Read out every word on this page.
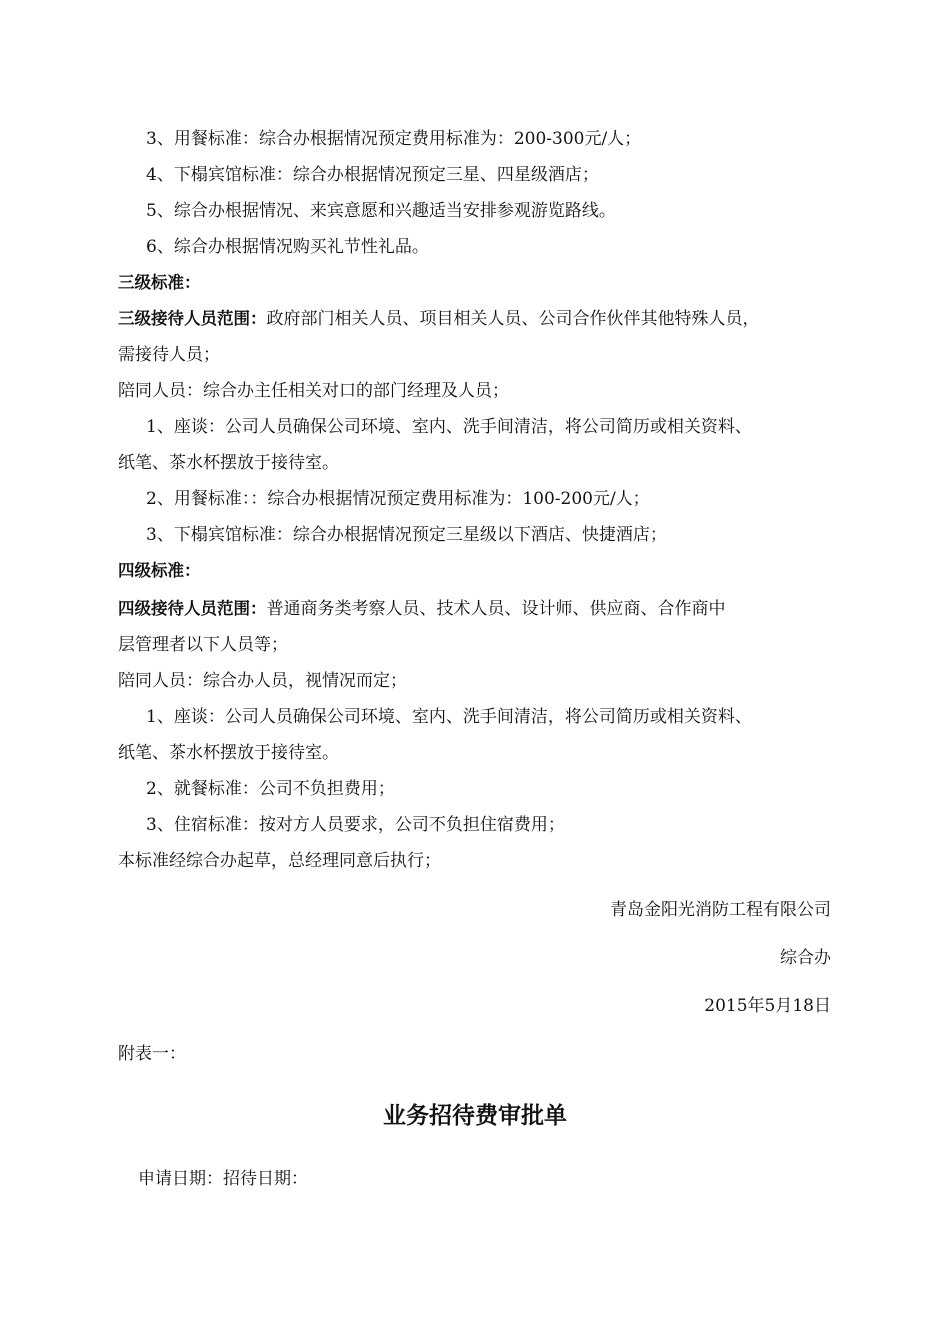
3、用餐标准：综合办根据情况预定费用标准为：200-300元/人；
4、下榻宾馆标准：综合办根据情况预定三星、四星级酒店；
5、综合办根据情况、来宾意愿和兴趣适当安排参观游览路线。
6、综合办根据情况购买礼节性礼品。
三级标准：
三级接待人员范围：政府部门相关人员、项目相关人员、公司合作伙伴其他特殊人员，
需接待人员；
陪同人员：综合办主任相关对口的部门经理及人员；
1、座谈：公司人员确保公司环境、室内、洗手间清洁，将公司简历或相关资料、
纸笔、茶水杯摆放于接待室。
2、用餐标准：：综合办根据情况预定费用标准为：100-200元/人；
3、下榻宾馆标准：综合办根据情况预定三星级以下酒店、快捷酒店；
四级标准：
四级接待人员范围：普通商务类考察人员、技术人员、设计师、供应商、合作商中
层管理者以下人员等；
陪同人员：综合办人员，视情况而定；
1、座谈：公司人员确保公司环境、室内、洗手间清洁，将公司简历或相关资料、
纸笔、茶水杯摆放于接待室。
2、就餐标准：公司不负担费用；
3、住宿标准：按对方人员要求，公司不负担住宿费用；
本标准经综合办起草，总经理同意后执行；
青岛金阳光消防工程有限公司
综合办
2015年5月18日
附表一：
业务招待费审批单
申请日期：招待日期：
